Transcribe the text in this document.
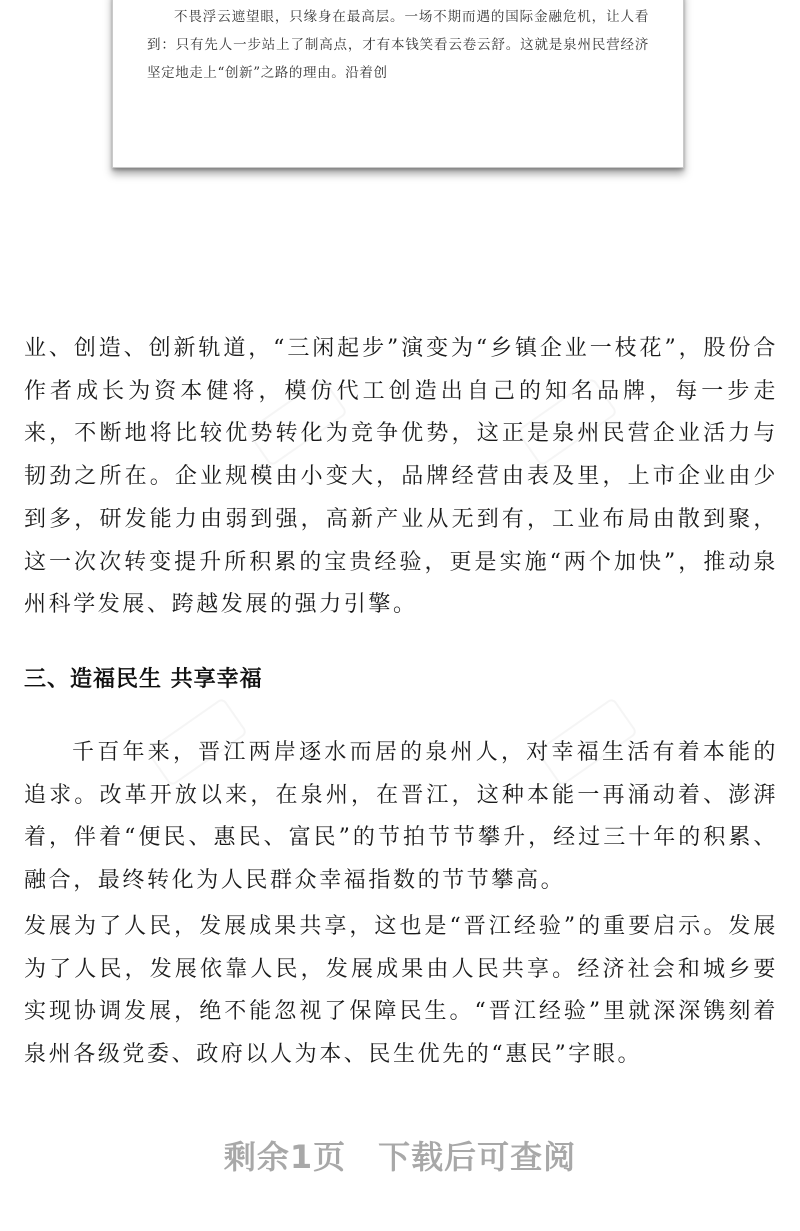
不畏浮云遮望眼，只缘身在最高层。一场不期而遇的国际金融危机，让人看到：只有先人一步站上了制高点，才有本钱笑看云卷云舒。这就是泉州民营经济坚定地走上“创新”之路的理由。沿着创

业、创造、创新轨道，“三闲起步”演变为“乡镇企业一枝花”，股份合作者成长为资本健将，模仿代工创造出自己的知名品牌，每一步走来，不断地将比较优势转化为竞争优势，这正是泉州民营企业活力与韧劲之所在。企业规模由小变大，品牌经营由表及里，上市企业由少到多，研发能力由弱到强，高新产业从无到有，工业布局由散到聚，这一次次转变提升所积累的宝贵经验，更是实施“两个加快”，推动泉州科学发展、跨越发展的强力引擎。

三、造福民生 共享幸福

千百年来，晋江两岸逐水而居的泉州人，对幸福生活有着本能的追求。改革开放以来，在泉州，在晋江，这种本能一再涌动着、澎湃着，伴着“便民、惠民、富民”的节拍节节攀升，经过三十年的积累、融合，最终转化为人民群众幸福指数的节节攀高。

发展为了人民，发展成果共享，这也是“晋江经验”的重要启示。发展为了人民，发展依靠人民，发展成果由人民共享。经济社会和城乡要实现协调发展，绝不能忽视了保障民生。“晋江经验”里就深深镌刻着泉州各级党委、政府以人为本、民生优先的“惠民”字眼。

剩余1页 下载后可查阅
